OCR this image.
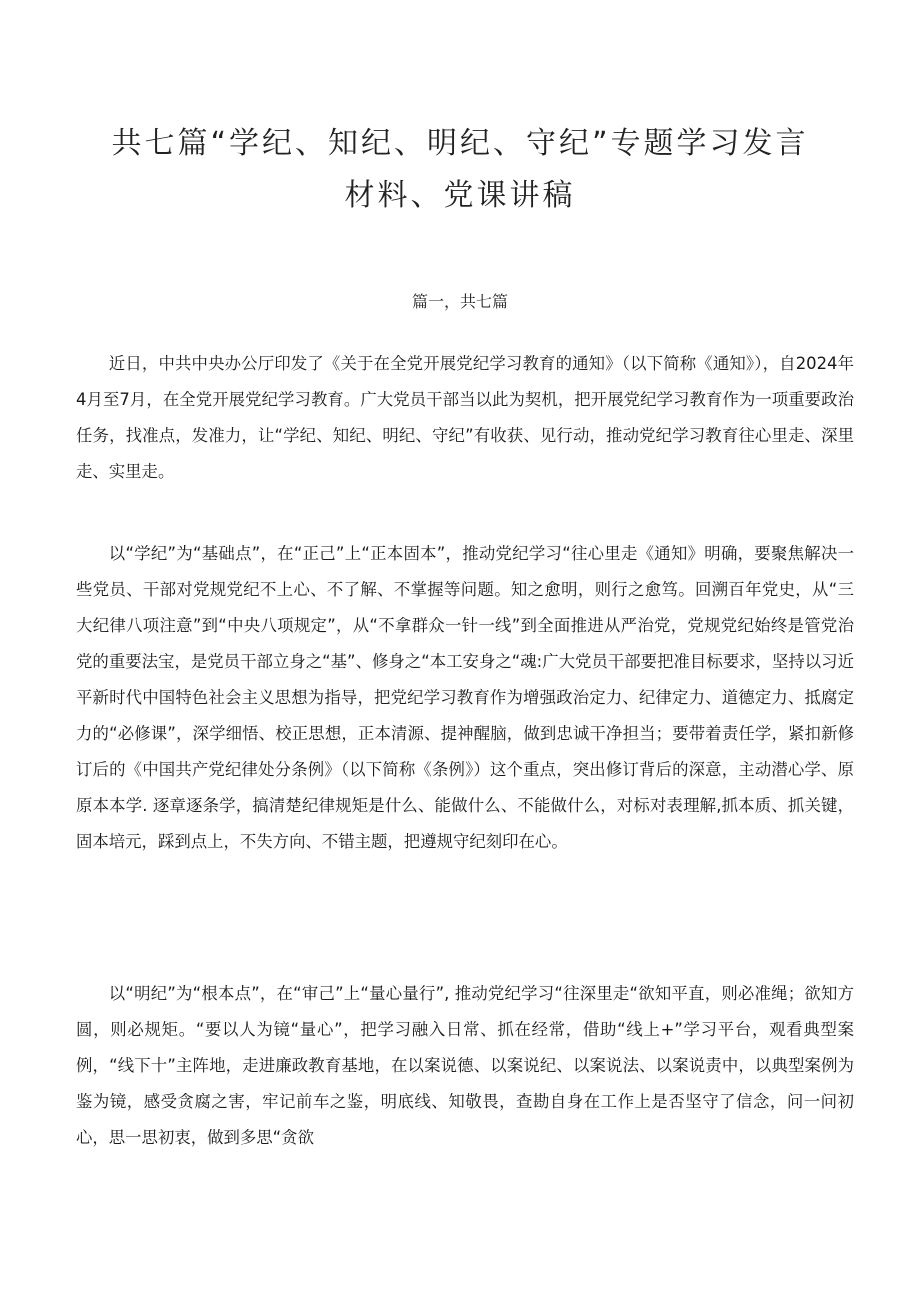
共七篇“学纪、知纪、明纪、守纪”专题学习发言
材料、党课讲稿
篇一，共七篇

近日，中共中央办公厅印发了《关于在全党开展党纪学习教育的通知》（以下简称《通知》），自2024年4月至7月，在全党开展党纪学习教育。广大党员干部当以此为契机，把开展党纪学习教育作为一项重要政治任务，找准点，发准力，让“学纪、知纪、明纪、守纪”有收获、见行动，推动党纪学习教育往心里走、深里走、实里走。

以“学纪”为“基础点”，在“正己”上“正本固本”，推动党纪学习“往心里走《通知》明确，要聚焦解决一些党员、干部对党规党纪不上心、不了解、不掌握等问题。知之愈明，则行之愈笃。回溯百年党史，从“三大纪律八项注意”到“中央八项规定”，从“不拿群众一针一线”到全面推进从严治党，党规党纪始终是管党治党的重要法宝，是党员干部立身之“基”、修身之“本工安身之“魂:广大党员干部要把准目标要求，坚持以习近平新时代中国特色社会主义思想为指导，把党纪学习教育作为增强政治定力、纪律定力、道德定力、抵腐定力的“必修课”，深学细悟、校正思想，正本清源、提神醒脑，做到忠诚干净担当；要带着责任学，紧扣新修订后的《中国共产党纪律处分条例》（以下简称《条例》）这个重点，突出修订背后的深意，主动潜心学、原原本本学. 逐章逐条学，搞清楚纪律规矩是什么、能做什么、不能做什么，对标对表理解,抓本质、抓关键，固本培元，踩到点上，不失方向、不错主题，把遵规守纪刻印在心。

以“明纪”为“根本点”，在“审己”上“量心量行”, 推动党纪学习“往深里走“欲知平直，则必准绳；欲知方圆，则必规矩。“要以人为镜“量心”，把学习融入日常、抓在经常，借助“线上+”学习平台，观看典型案例，“线下十”主阵地，走进廉政教育基地，在以案说德、以案说纪、以案说法、以案说责中，以典型案例为鉴为镜，感受贪腐之害，牢记前车之鉴，明底线、知敬畏，查勘自身在工作上是否坚守了信念，问一问初心，思一思初衷，做到多思“贪欲
